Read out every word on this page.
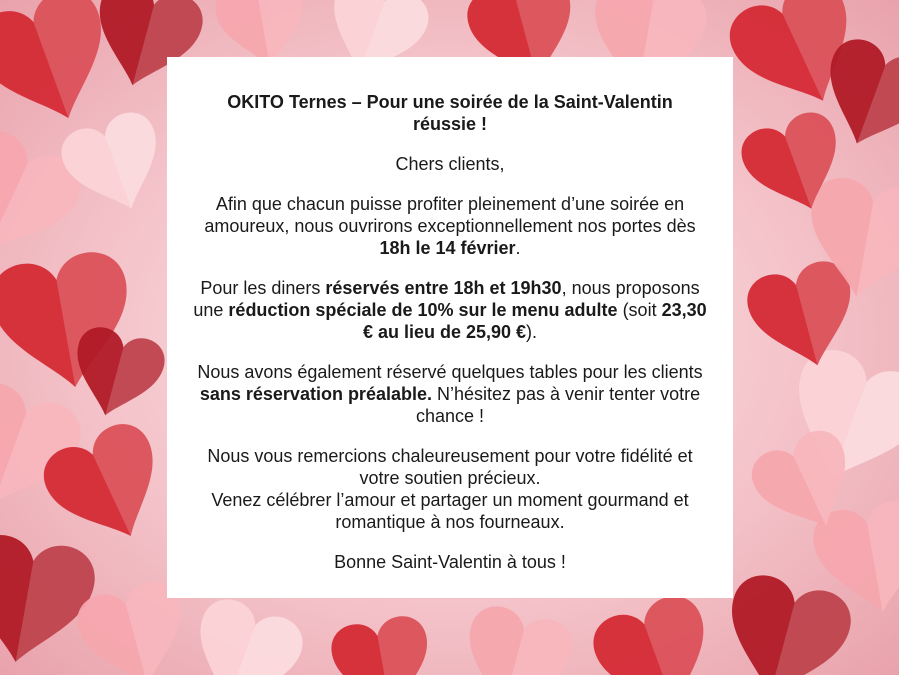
OKITO Ternes – Pour une soirée de la Saint-Valentin réussie !

Chers clients,

Afin que chacun puisse profiter pleinement d’une soirée en amoureux, nous ouvrirons exceptionnellement nos portes dès 18h le 14 février.

Pour les diners réservés entre 18h et 19h30, nous proposons une réduction spéciale de 10% sur le menu adulte (soit 23,30 € au lieu de 25,90 €).

Nous avons également réservé quelques tables pour les clients sans réservation préalable. N’hésitez pas à venir tenter votre chance !

Nous vous remercions chaleureusement pour votre fidélité et votre soutien précieux.
Venez célébrer l’amour et partager un moment gourmand et romantique à nos fourneaux.

Bonne Saint-Valentin à tous !
